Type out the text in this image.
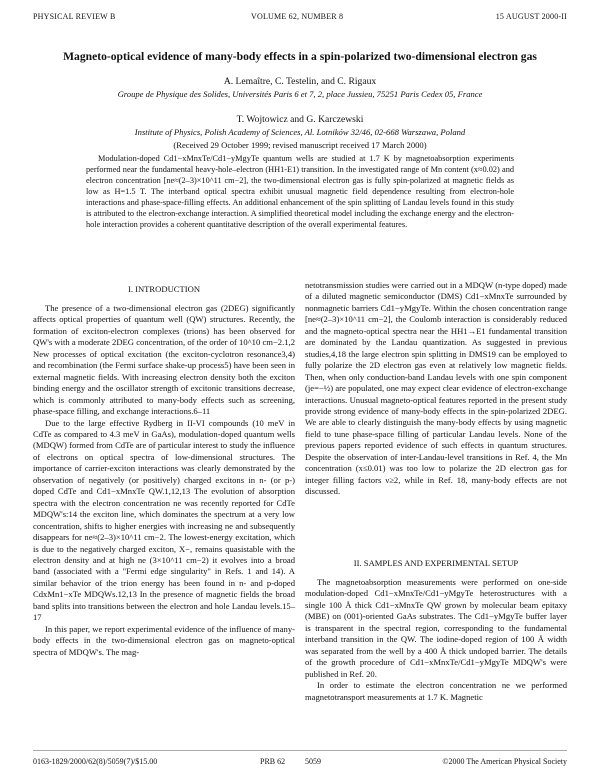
PHYSICAL REVIEW B	VOLUME 62, NUMBER 8	15 AUGUST 2000-II
Magneto-optical evidence of many-body effects in a spin-polarized two-dimensional electron gas
A. Lemaître, C. Testelin, and C. Rigaux
Groupe de Physique des Solides, Universités Paris 6 et 7, 2, place Jussieu, 75251 Paris Cedex 05, France
T. Wojtowicz and G. Karczewski
Institute of Physics, Polish Academy of Sciences, Al. Lotników 32/46, 02-668 Warszawa, Poland
(Received 29 October 1999; revised manuscript received 17 March 2000)
Modulation-doped Cd1−xMnxTe/Cd1−yMgyTe quantum wells are studied at 1.7 K by magnetoabsorption experiments performed near the fundamental heavy-hole–electron (HH1-E1) transition. In the investigated range of Mn content (x≈0.02) and electron concentration [ne≈(2–3)×10^11 cm−2], the two-dimensional electron gas is fully spin-polarized at magnetic fields as low as H=1.5 T. The interband optical spectra exhibit unusual magnetic field dependence resulting from electron-hole interactions and phase-space-filling effects. An additional enhancement of the spin splitting of Landau levels found in this study is attributed to the electron-exchange interaction. A simplified theoretical model including the exchange energy and the electron-hole interaction provides a coherent quantitative description of the overall experimental features.
I. INTRODUCTION

The presence of a two-dimensional electron gas (2DEG) significantly affects optical properties of quantum well (QW) structures. Recently, the formation of exciton-electron complexes (trions) has been observed for QW's with a moderate 2DEG concentration, of the order of 10^10 cm−2.1,2 New processes of optical excitation (the exciton-cyclotron resonance3,4) and recombination (the Fermi surface shake-up process5) have been seen in external magnetic fields. With increasing electron density both the exciton binding energy and the oscillator strength of excitonic transitions decrease, which is commonly attributed to many-body effects such as screening, phase-space filling, and exchange interactions.6–11

Due to the large effective Rydberg in II-VI compounds (10 meV in CdTe as compared to 4.3 meV in GaAs), modulation-doped quantum wells (MDQW) formed from CdTe are of particular interest to study the influence of electrons on optical spectra of low-dimensional structures. The importance of carrier-exciton interactions was clearly demonstrated by the observation of negatively (or positively) charged excitons in n- (or p-) doped CdTe and Cd1−xMnxTe QW.1,12,13 The evolution of absorption spectra with the electron concentration ne was recently reported for CdTe MDQW's:14 the exciton line, which dominates the spectrum at a very low concentration, shifts to higher energies with increasing ne and subsequently disappears for ne≈(2–3)×10^11 cm−2. The lowest-energy excitation, which is due to the negatively charged exciton, X−, remains quasistable with the electron density and at high ne (3×10^11 cm−2) it evolves into a broad band (associated with a "Fermi edge singularity" in Refs. 1 and 14). A similar behavior of the trion energy has been found in n- and p-doped CdxMn1−xTe MDQWs.12,13 In the presence of magnetic fields the broad band splits into transitions between the electron and hole Landau levels.15–17

In this paper, we report experimental evidence of the influence of many-body effects in the two-dimensional electron gas on magneto-optical spectra of MDQW's. The mag-

netotransmission studies were carried out in a MDQW (n-type doped) made of a diluted magnetic semiconductor (DMS) Cd1−xMnxTe surrounded by nonmagnetic barriers Cd1−yMgyTe. Within the chosen concentration range [ne≈(2–3)×10^11 cm−2], the Coulomb interaction is considerably reduced and the magneto-optical spectra near the HH1→E1 fundamental transition are dominated by the Landau quantization. As suggested in previous studies,4,18 the large electron spin splitting in DMS19 can be employed to fully polarize the 2D electron gas even at relatively low magnetic fields. Then, when only conduction-band Landau levels with one spin component (je=−½) are populated, one may expect clear evidence of electron-exchange interactions. Unusual magneto-optical features reported in the present study provide strong evidence of many-body effects in the spin-polarized 2DEG. We are able to clearly distinguish the many-body effects by using magnetic field to tune phase-space filling of particular Landau levels. None of the previous papers reported evidence of such effects in quantum structures. Despite the observation of inter-Landau-level transitions in Ref. 4, the Mn concentration (x≤0.01) was too low to polarize the 2D electron gas for integer filling factors ν≥2, while in Ref. 18, many-body effects are not discussed.

II. SAMPLES AND EXPERIMENTAL SETUP

The magnetoabsorption measurements were performed on one-side modulation-doped Cd1−xMnxTe/Cd1−yMgyTe heterostructures with a single 100 Å thick Cd1−xMnxTe QW grown by molecular beam epitaxy (MBE) on (001)-oriented GaAs substrates. The Cd1−yMgyTe buffer layer is transparent in the spectral region, corresponding to the fundamental interband transition in the QW. The iodine-doped region of 100 Å width was separated from the well by a 400 Å thick undoped barrier. The details of the growth procedure of Cd1−xMnxTe/Cd1−yMgyTe MDQW's were published in Ref. 20.

In order to estimate the electron concentration ne we performed magnetotransport measurements at 1.7 K. Magnetic

0163-1829/2000/62(8)/5059(7)/$15.00	PRB 62 5059	©2000 The American Physical Society
